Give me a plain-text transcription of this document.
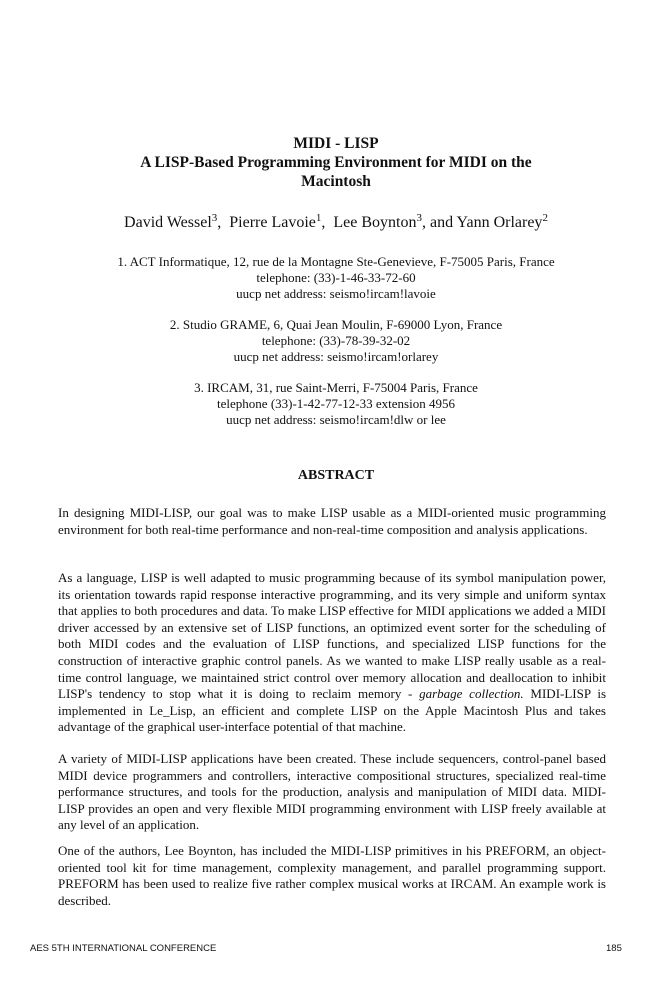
MIDI - LISP
A LISP-Based Programming Environment for MIDI on the
Macintosh
David Wessel$^3$,  Pierre Lavoie$^1$,  Lee Boynton$^3$, and Yann Orlarey$^2$
1. ACT Informatique, 12, rue de la Montagne Ste-Genevieve, F-75005 Paris, France
telephone: (33)-1-46-33-72-60
uucp net address: seismo!ircam!lavoie
2. Studio GRAME, 6, Quai Jean Moulin, F-69000 Lyon, France
telephone: (33)-78-39-32-02
uucp net address: seismo!ircam!orlarey
3. IRCAM, 31, rue Saint-Merri, F-75004 Paris, France
telephone (33)-1-42-77-12-33 extension 4956
uucp net address: seismo!ircam!dlw or lee
ABSTRACT
In designing MIDI-LISP, our goal was to make LISP usable as a MIDI-oriented music programming environment for both real-time performance and non-real-time composition and analysis applications.
As a language, LISP is well adapted to music programming because of its symbol manipulation power, its orientation towards rapid response interactive programming, and its very simple and uniform syntax that applies to both procedures and data. To make LISP effective for MIDI applications we added a MIDI driver accessed by an extensive set of LISP functions, an optimized event sorter for the scheduling of both MIDI codes and the evaluation of LISP functions, and specialized LISP functions for the construction of interactive graphic control panels. As we wanted to make LISP really usable as a real-time control language, we maintained strict control over memory allocation and deallocation to inhibit LISP's tendency to stop what it is doing to reclaim memory - garbage collection. MIDI-LISP is implemented in Le_Lisp, an efficient and complete LISP on the Apple Macintosh Plus and takes advantage of the graphical user-interface potential of that machine.
A variety of MIDI-LISP applications have been created. These include sequencers, control-panel based MIDI device programmers and controllers, interactive compositional structures, specialized real-time performance structures, and tools for the production, analysis and manipulation of MIDI data. MIDI-LISP provides an open and very flexible MIDI programming environment with LISP freely available at any level of an application.
One of the authors, Lee Boynton, has included the MIDI-LISP primitives in his PREFORM, an object-oriented tool kit for time management, complexity management, and parallel programming support. PREFORM has been used to realize five rather complex musical works at IRCAM. An example work is described.
AES 5TH INTERNATIONAL CONFERENCE	185
